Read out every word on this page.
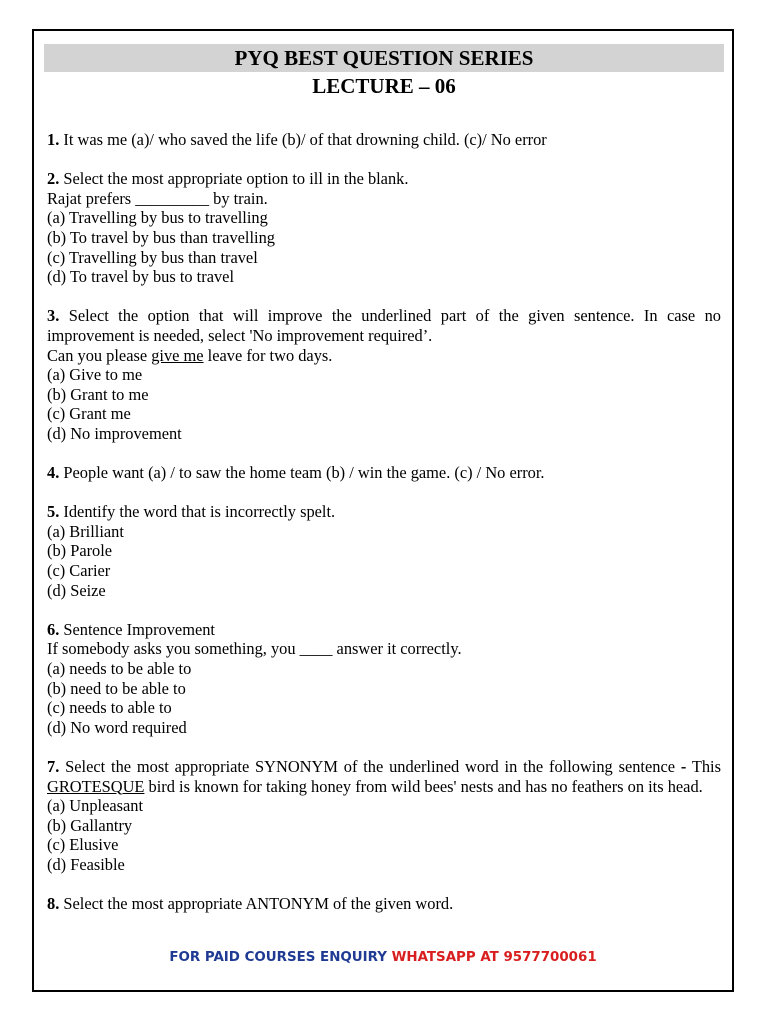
PYQ BEST QUESTION SERIES
LECTURE – 06

1. It was me (a)/ who saved the life (b)/ of that drowning child. (c)/ No error

2. Select the most appropriate option to ill in the blank.

Rajat prefers _________ by train.

(a) Travelling by bus to travelling

(b) To travel by bus than travelling

(c) Travelling by bus than travel

(d) To travel by bus to travel

3. Select the option that will improve the underlined part of the given sentence. In case no improvement is needed, select 'No improvement required’.

Can you please give me leave for two days.

(a) Give to me

(b) Grant to me

(c) Grant me

(d) No improvement

4. People want (a) / to saw the home team (b) / win the game. (c) / No error.

5. Identify the word that is incorrectly spelt.

(a) Brilliant

(b) Parole

(c) Carier

(d) Seize

6. Sentence Improvement

If somebody asks you something, you ____ answer it correctly.

(a) needs to be able to

(b) need to be able to

(c) needs to able to

(d) No word required

7. Select the most appropriate SYNONYM of the underlined word in the following sentence - This GROTESQUE bird is known for taking honey from wild bees' nests and has no feathers on its head.

(a) Unpleasant

(b) Gallantry

(c) Elusive

(d) Feasible

8. Select the most appropriate ANTONYM of the given word.

FOR PAID COURSES ENQUIRY WHATSAPP AT 9577700061
